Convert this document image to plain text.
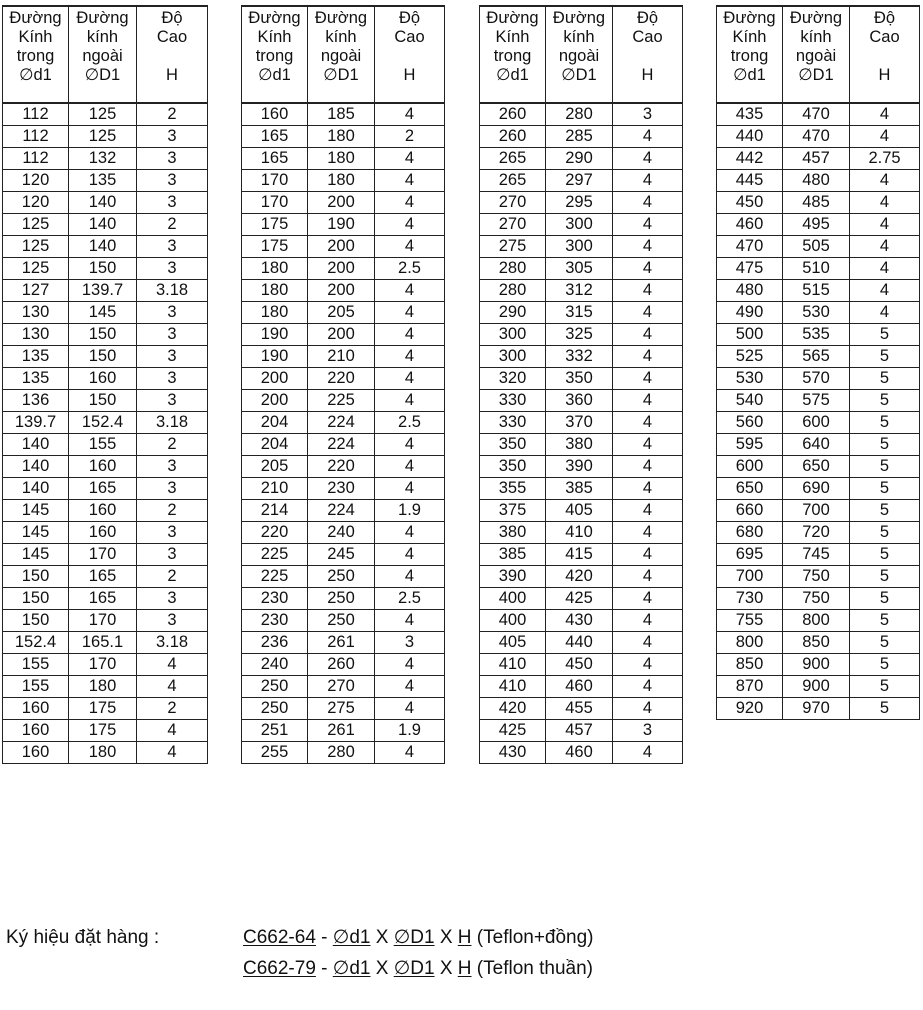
Đường
Kính
trong
∅d1	Đường
kính
ngoài
∅D1	Độ
Cao

H

112	125	2
112	125	3
112	132	3
120	135	3
120	140	3
125	140	2
125	140	3
125	150	3
127	139.7	3.18
130	145	3
130	150	3
135	150	3
135	160	3
136	150	3
139.7	152.4	3.18
140	155	2
140	160	3
140	165	3
145	160	2
145	160	3
145	170	3
150	165	2
150	165	3
150	170	3
152.4	165.1	3.18
155	170	4
155	180	4
160	175	2
160	175	4
160	180	4
Đường
Kính
trong
∅d1	Đường
kính
ngoài
∅D1	Độ
Cao

H

160	185	4
165	180	2
165	180	4
170	180	4
170	200	4
175	190	4
175	200	4
180	200	2.5
180	200	4
180	205	4
190	200	4
190	210	4
200	220	4
200	225	4
204	224	2.5
204	224	4
205	220	4
210	230	4
214	224	1.9
220	240	4
225	245	4
225	250	4
230	250	2.5
230	250	4
236	261	3
240	260	4
250	270	4
250	275	4
251	261	1.9
255	280	4
Đường
Kính
trong
∅d1	Đường
kính
ngoài
∅D1	Độ
Cao

H

260	280	3
260	285	4
265	290	4
265	297	4
270	295	4
270	300	4
275	300	4
280	305	4
280	312	4
290	315	4
300	325	4
300	332	4
320	350	4
330	360	4
330	370	4
350	380	4
350	390	4
355	385	4
375	405	4
380	410	4
385	415	4
390	420	4
400	425	4
400	430	4
405	440	4
410	450	4
410	460	4
420	455	4
425	457	3
430	460	4
Đường
Kính
trong
∅d1	Đường
kính
ngoài
∅D1	Độ
Cao

H

435	470	4
440	470	4
442	457	2.75
445	480	4
450	485	4
460	495	4
470	505	4
475	510	4
480	515	4
490	530	4
500	535	5
525	565	5
530	570	5
540	575	5
560	600	5
595	640	5
600	650	5
650	690	5
660	700	5
680	720	5
695	745	5
700	750	5
730	750	5
755	800	5
800	850	5
850	900	5
870	900	5
920	970	5
Ký hiệu đặt hàng :	C662-64 - ∅d1 X ∅D1 X H (Teflon+đồng)
C662-79 - ∅d1 X ∅D1 X H (Teflon thuần)
